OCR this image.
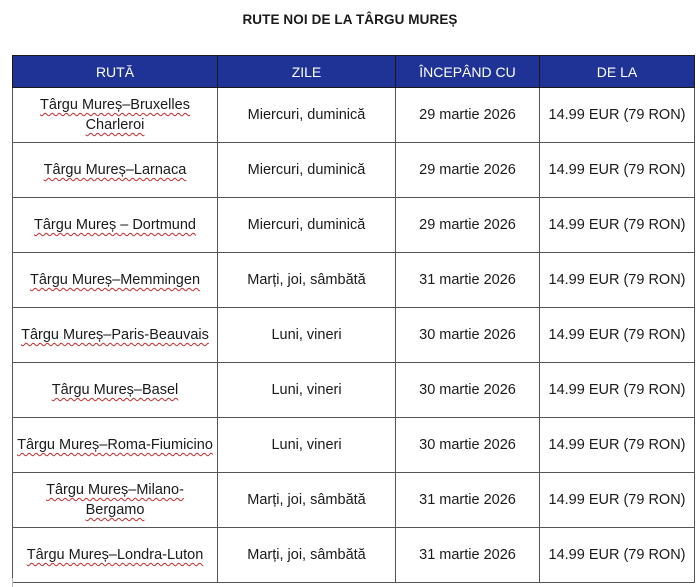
RUTE NOI DE LA TÂRGU MUREȘ
RUTĂ	ZILE	ÎNCEPÂND CU	DE LA
Târgu Mureș–Bruxelles Charleroi	Miercuri, duminică	29 martie 2026	14.99 EUR (79 RON)
Târgu Mureș–Larnaca	Miercuri, duminică	29 martie 2026	14.99 EUR (79 RON)
Târgu Mureș – Dortmund	Miercuri, duminică	29 martie 2026	14.99 EUR (79 RON)
Târgu Mureș–Memmingen	Marți, joi, sâmbătă	31 martie 2026	14.99 EUR (79 RON)
Târgu Mureș–Paris-Beauvais	Luni, vineri	30 martie 2026	14.99 EUR (79 RON)
Târgu Mureș–Basel	Luni, vineri	30 martie 2026	14.99 EUR (79 RON)
Târgu Mureș–Roma-Fiumicino	Luni, vineri	30 martie 2026	14.99 EUR (79 RON)
Târgu Mureș–Milano-Bergamo	Marți, joi, sâmbătă	31 martie 2026	14.99 EUR (79 RON)
Târgu Mureș–Londra-Luton	Marți, joi, sâmbătă	31 martie 2026	14.99 EUR (79 RON)
